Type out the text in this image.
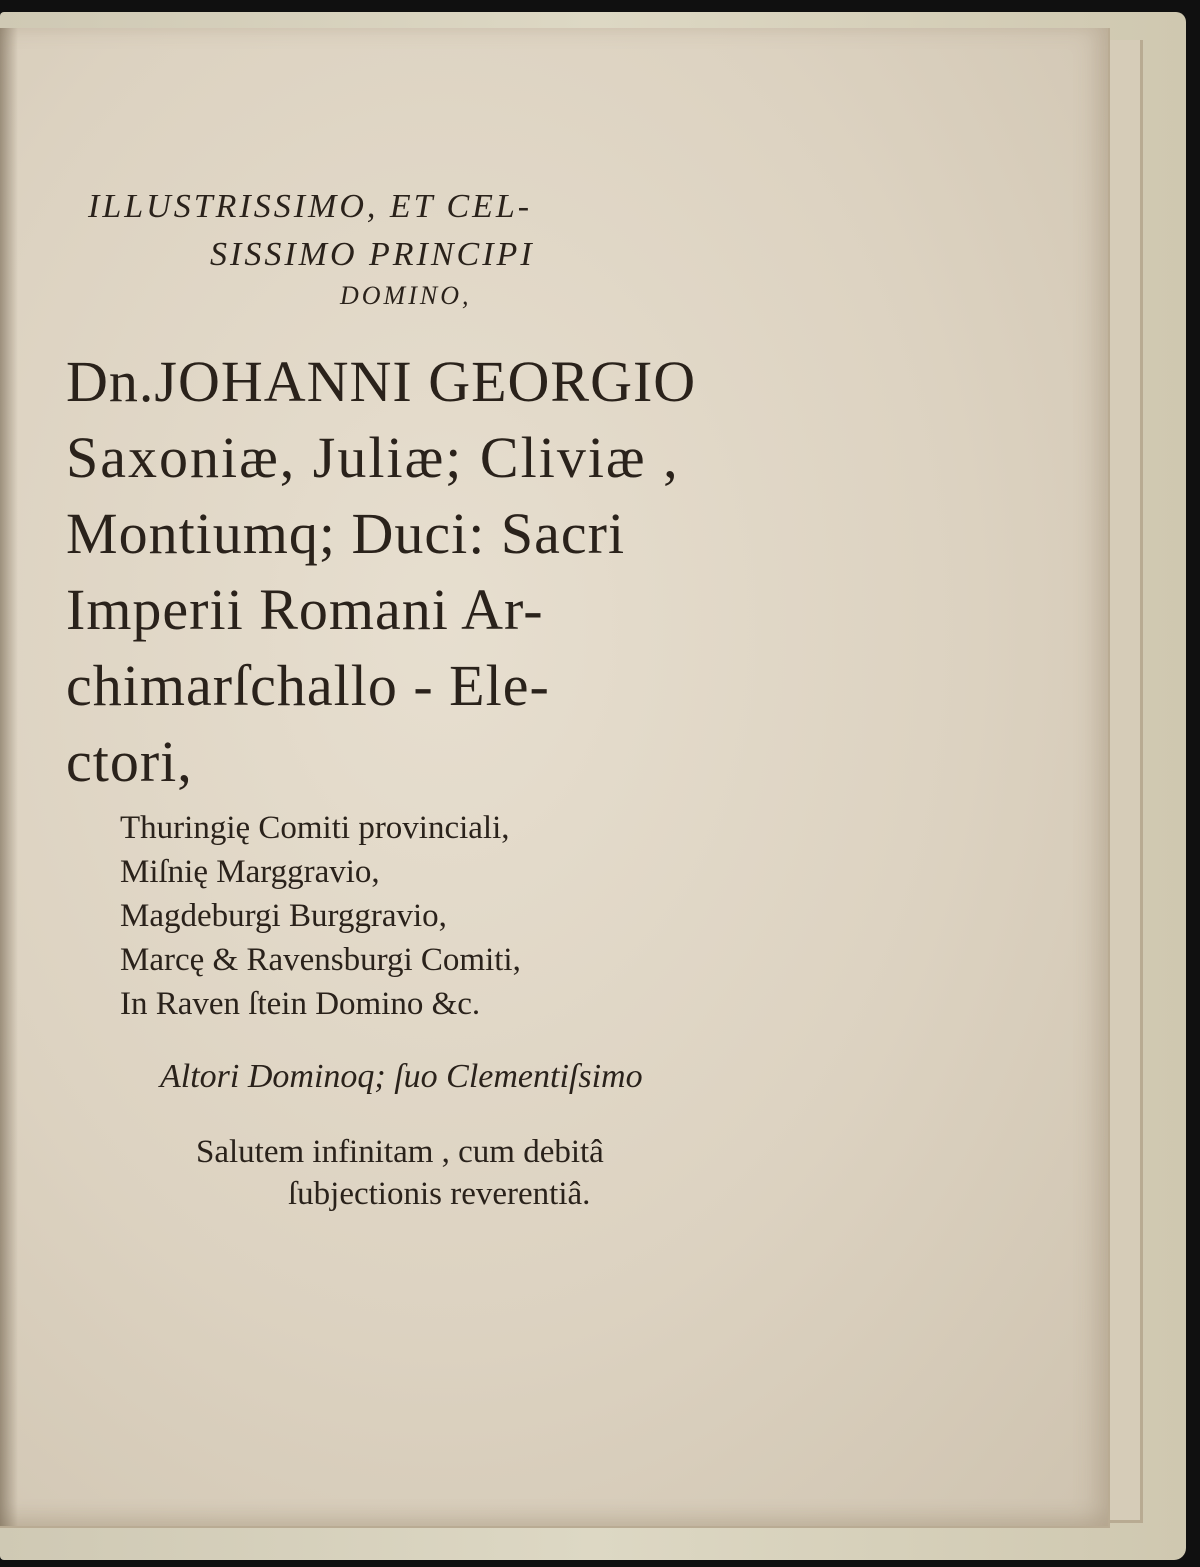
ILLUSTRISSIMO, ET CEL-
SISSIMO PRINCIPI
DOMINO,
Dn.JOHANNI GEORGIO
Saxoniæ, Juliæ; Cliviæ ,
Montiumq; Duci: Sacri
Imperii Romani Ar-
chimarſchallo - Ele-
ctori,
Thuringię Comiti provinciali,
Miſnię Marggravio,
Magdeburgi Burggravio,
Marcę & Ravensburgi Comiti,
In Raven ſtein Domino &c.
Altori Dominoq; ſuo Clementiſsimo
Salutem infinitam , cum debitâ
ſubjectionis reverentiâ.
